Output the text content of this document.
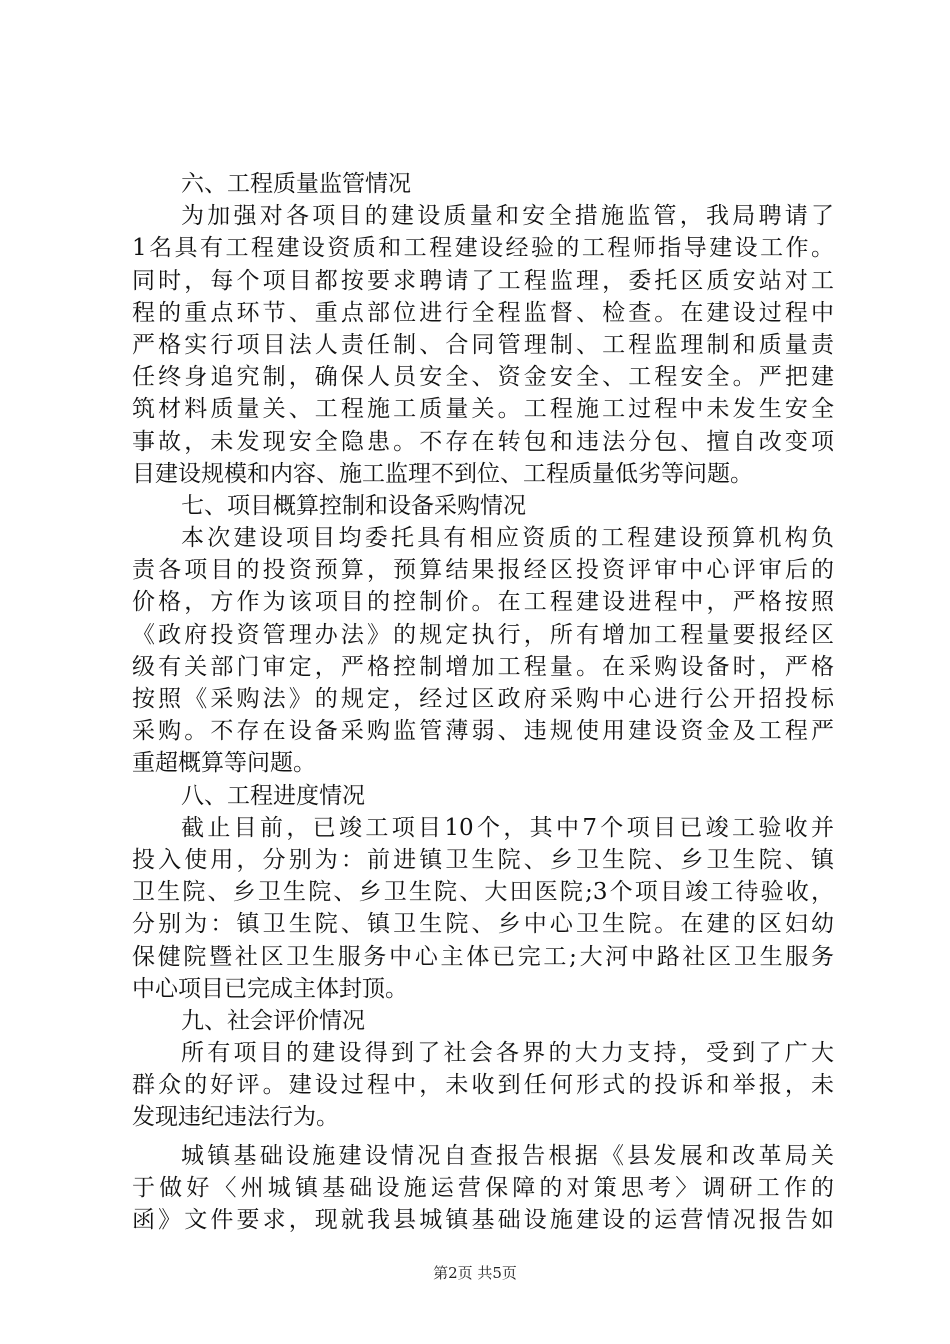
六、工程质量监管情况
为加强对各项目的建设质量和安全措施监管，我局聘请了
1名具有工程建设资质和工程建设经验的工程师指导建设工作。
同时，每个项目都按要求聘请了工程监理，委托区质安站对工
程的重点环节、重点部位进行全程监督、检查。在建设过程中
严格实行项目法人责任制、合同管理制、工程监理制和质量责
任终身追究制，确保人员安全、资金安全、工程安全。严把建
筑材料质量关、工程施工质量关。工程施工过程中未发生安全
事故，未发现安全隐患。不存在转包和违法分包、擅自改变项
目建设规模和内容、施工监理不到位、工程质量低劣等问题。
七、项目概算控制和设备采购情况
本次建设项目均委托具有相应资质的工程建设预算机构负
责各项目的投资预算，预算结果报经区投资评审中心评审后的
价格，方作为该项目的控制价。在工程建设进程中，严格按照
《政府投资管理办法》的规定执行，所有增加工程量要报经区
级有关部门审定，严格控制增加工程量。在采购设备时，严格
按照《采购法》的规定，经过区政府采购中心进行公开招投标
采购。不存在设备采购监管薄弱、违规使用建设资金及工程严
重超概算等问题。
八、工程进度情况
截止目前，已竣工项目10个，其中7个项目已竣工验收并
投入使用，分别为：前进镇卫生院、乡卫生院、乡卫生院、镇
卫生院、乡卫生院、乡卫生院、大田医院;3个项目竣工待验收，
分别为：镇卫生院、镇卫生院、乡中心卫生院。在建的区妇幼
保健院暨社区卫生服务中心主体已完工;大河中路社区卫生服务
中心项目已完成主体封顶。
九、社会评价情况
所有项目的建设得到了社会各界的大力支持，受到了广大
群众的好评。建设过程中，未收到任何形式的投诉和举报，未
发现违纪违法行为。
城镇基础设施建设情况自查报告根据《县发展和改革局关
于做好〈州城镇基础设施运营保障的对策思考〉调研工作的
函》文件要求，现就我县城镇基础设施建设的运营情况报告如
第2页 共5页
